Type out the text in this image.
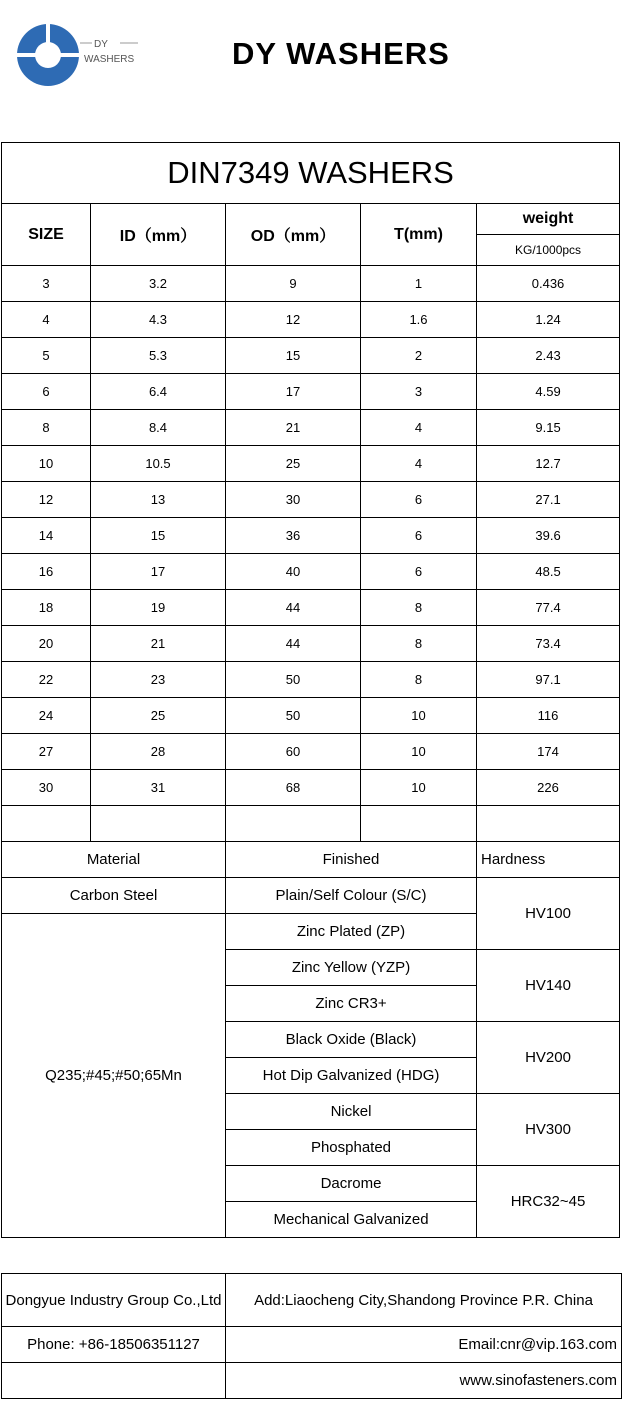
DY
WASHERS	DY WASHERS
DIN7349 WASHERS				
SIZE	ID（mm）	OD（mm）	T(mm)	weight
				KG/1000pcs
3	3.2	9	1	0.436
4	4.3	12	1.6	1.24
5	5.3	15	2	2.43
6	6.4	17	3	4.59
8	8.4	21	4	9.15
10	10.5	25	4	12.7
12	13	30	6	27.1
14	15	36	6	39.6
16	17	40	6	48.5
18	19	44	8	77.4
20	21	44	8	73.4
22	23	50	8	97.1
24	25	50	10	116
27	28	60	10	174
30	31	68	10	226

Material		Finished		Hardness
Carbon Steel		Plain/Self Colour (S/C)		HV100
Q235;#45;#50;65Mn		Zinc Plated (ZP)		
		Zinc Yellow (YZP)		HV140
		Zinc CR3+		
		Black Oxide (Black)		HV200
		Hot Dip Galvanized (HDG)		
		Nickel		HV300
		Phosphated		
		Dacrome		HRC32~45
		Mechanical Galvanized		
Dongyue Industry Group Co.,Ltd	Add:Liaocheng City,Shandong Province P.R. China
Phone: +86-18506351127	Email:cnr@vip.163.com
	www.sinofasteners.com
